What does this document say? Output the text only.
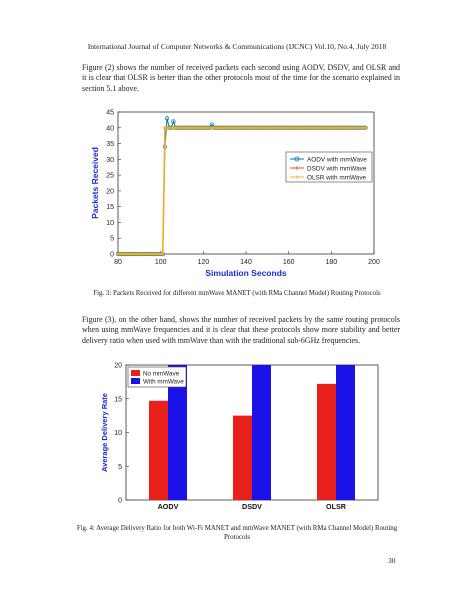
International Journal of Computer Networks & Communications (IJCNC) Vol.10, No.4, July 2018
Figure (2) shows the number of received packets each second using AODV, DSDV, and OLSR and it is clear that OLSR is better than the other protocols most of the time for the scenario explained in section 5.1 above.
80	100	120	140	160	180	200
0
5
10
15
20
25
30
35
40
45
Simulation Seconds
Packets Received	AODV with mmWave
DSDV with mmWave
OLSR with mmWave
Fig. 3: Packets Received for different mmWave MANET (with RMa Channel Model) Routing Protocols
Figure (3), on the other hand, shows the number of received packets by the same routing protocols when using mmWave frequencies and it is clear that these protocols show more stability and better delivery ratio when used with mmWave than with the traditional sub-6GHz frequencies.
0
5
10
15
20
Average Delivery Rate
AODV	DSDV	OLSR
No mmWave
With mmWave
Fig. 4: Average Delivery Ratio for both Wi-Fi MANET and mmWave MANET (with RMa Channel Model) Routing Protocols
30
